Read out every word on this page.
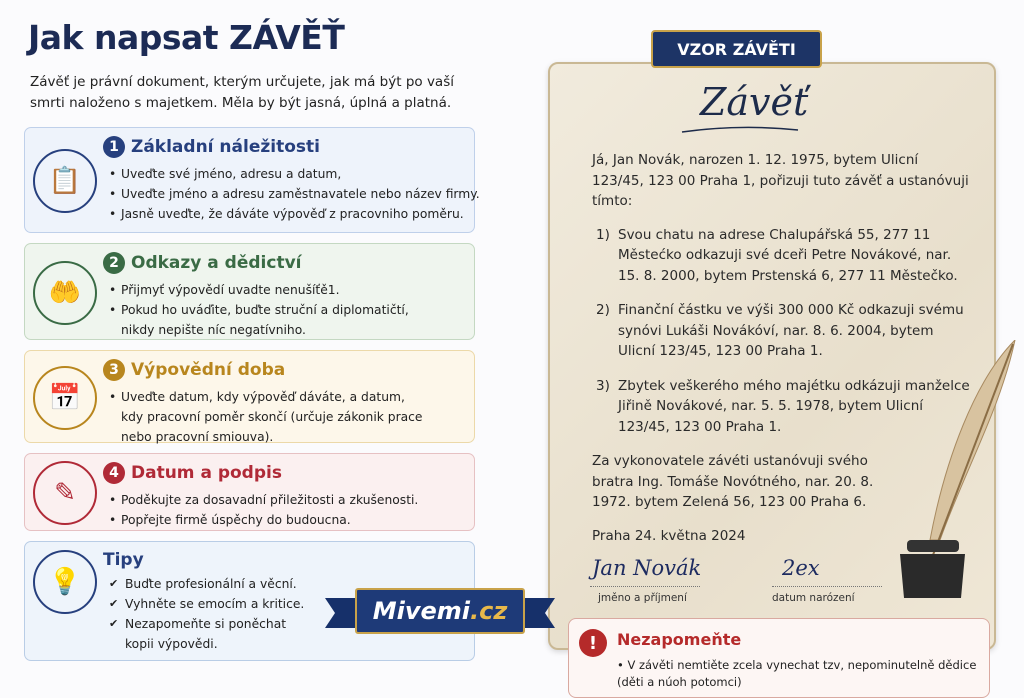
Jak napsat ZÁVĚŤ

Závěť je právní dokument, kterým určujete, jak má být po vaší smrti naloženo s majetkem. Měla by být jasná, úplná a platná.

📋
1 Základní náležitosti
• Uveďte své jméno, adresu a datum,
• Uveďte jméno a adresu zaměstnavatele nebo název firmy.
• Jasně uveďte, že dáváte výpověď z pracovniho poměru.
🤲
2 Odkazy a dědictví
• Přijmyť výpovědí uvadte nenušíťě1.
• Pokud ho uváďite, buďte struční a diplomatičtí, nikdy nepište níc negatívniho.
📅
3 Výpovědní doba
• Uveďte datum, kdy výpověď dáváte, a datum, kdy pracovní poměr skončí (určuje zákonik prace nebo pracovní smiouva).
✎
4 Datum a podpis
• Poděkujte za dosavadní přiležitosti a zkušenosti.
• Popřejte firmě úspěchy do budoucna.
💡
Tipy
✔ Buďte profesionální a věcní.
✔ Vyhněte se emocím a kritice.
✔ Nezapomeňte si poněchat kopii výpovědi.
Mivemi .cz
VZOR ZÁVĚTI
Závěť

Já, Jan Novák, narozen 1. 12. 1975, bytem Ulicní 123/45, 123 00 Praha 1, pořizuji tuto závěť a ustanóvuji tímto:

1) Svou chatu na adrese Chalupářská 55, 277 11 Městećko odkazuji své dceři Petre Novákové, nar. 15. 8. 2000, bytem Prstenská 6, 277 11 Městečko.
2) Finanční částku ve výši 300 000 Kč odkazuji svému synóvi Lukáši Novákóví, nar. 8. 6. 2004, bytem Ulicní 123/45, 123 00 Praha 1.
3) Zbytek veškerého mého majétku odkázuji manželce Jiřině Novákové, nar. 5. 5. 1978, bytem Ulicní 123/45, 123 00 Praha 1.

Za vykonovatele závéti ustanóvuji svého bratra Ing. Tomáše Novótného, nar. 20. 8. 1972. bytem Zelená 56, 123 00 Praha 6.

Praha 24. května 2024

Jan Novák	2ex
jměno a příjmení	datum narózení
!	Nezapomeňte

• V závěti nemtiěte zcela vynechat tzv, nepominutelně dědice (děti a núoh potomci)
